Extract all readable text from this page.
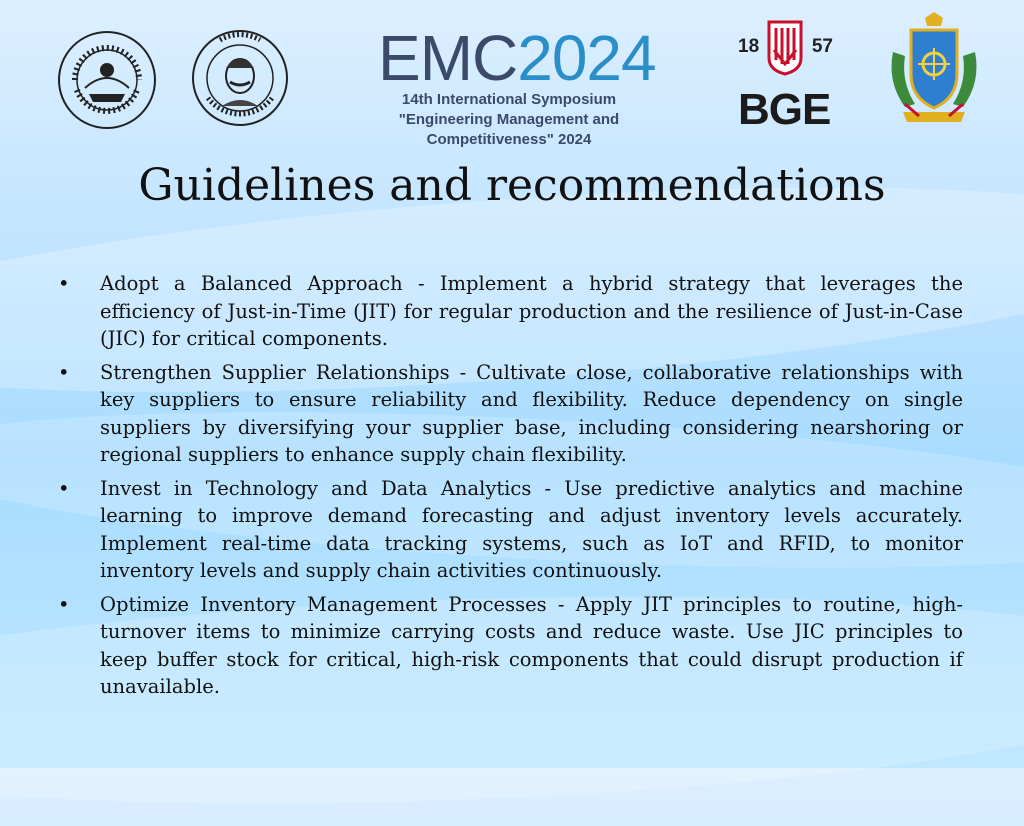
EMC2024
14th International Symposium
"Engineering Management and
Competitiveness" 2024
18	57
BGE
Guidelines and recommendations
• Adopt a Balanced Approach - Implement a hybrid strategy that leverages the efficiency of Just-in-Time (JIT) for regular production and the resilience of Just-in-Case (JIC) for critical components.
• Strengthen Supplier Relationships - Cultivate close, collaborative relationships with key suppliers to ensure reliability and flexibility. Reduce dependency on single suppliers by diversifying your supplier base, including considering nearshoring or regional suppliers to enhance supply chain flexibility.
• Invest in Technology and Data Analytics - Use predictive analytics and machine learning to improve demand forecasting and adjust inventory levels accurately. Implement real-time data tracking systems, such as IoT and RFID, to monitor inventory levels and supply chain activities continuously.
• Optimize Inventory Management Processes - Apply JIT principles to routine, high-turnover items to minimize carrying costs and reduce waste. Use JIC principles to keep buffer stock for critical, high-risk components that could disrupt production if unavailable.
